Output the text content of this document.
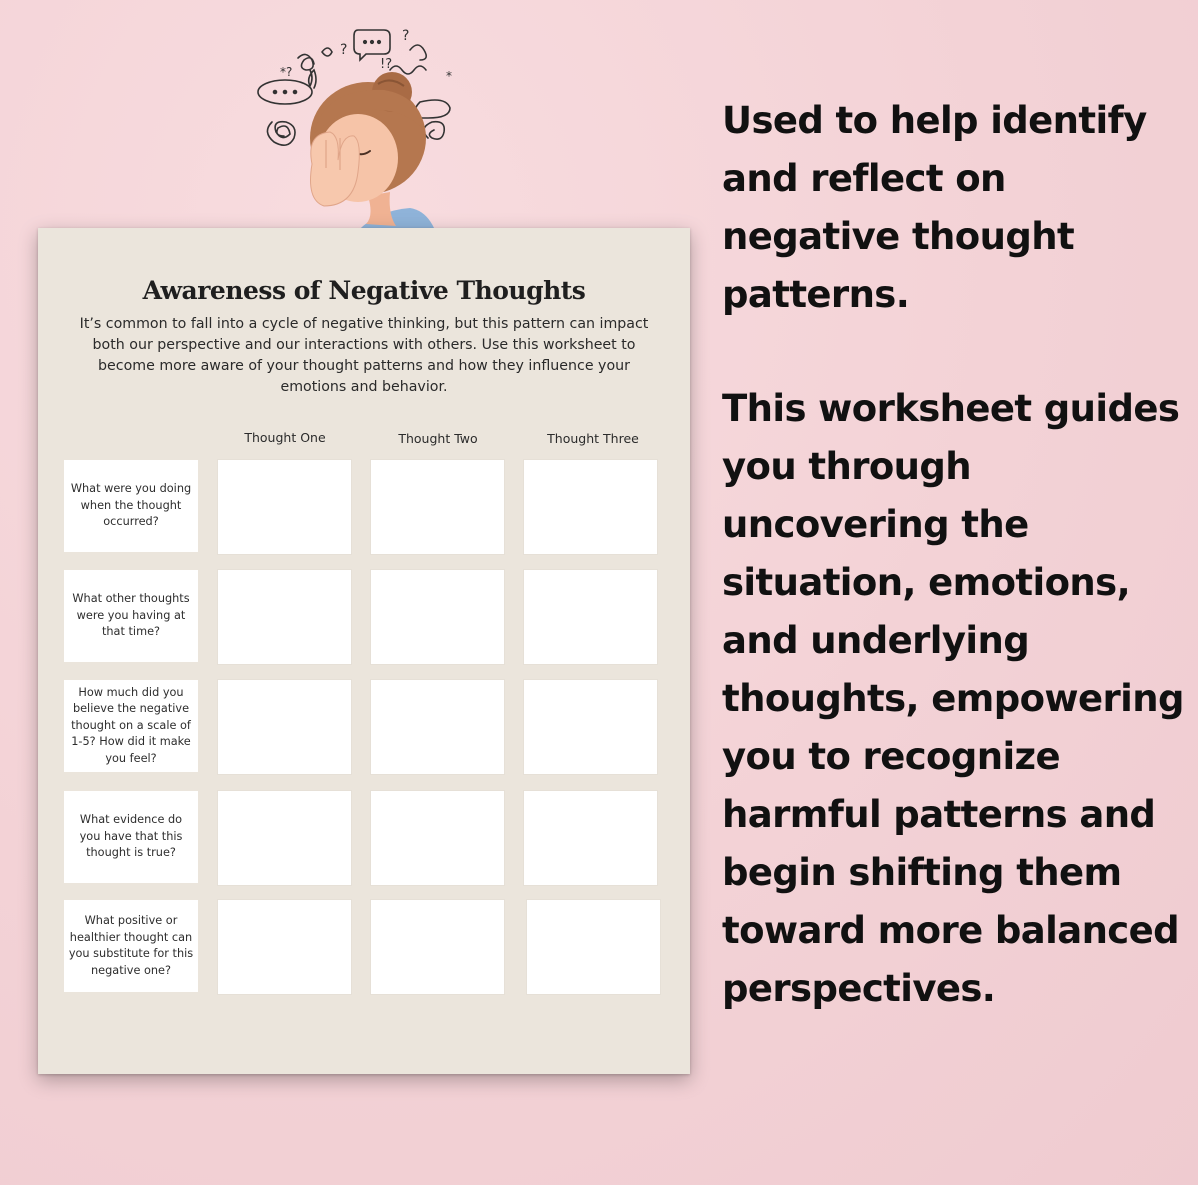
?
?
!?
*?	*
Awareness of Negative Thoughts
It’s common to fall into a cycle of negative thinking, but this pattern can impact both our perspective and our interactions with others. Use this worksheet to become more aware of your thought patterns and how they influence your emotions and behavior.
Thought One	Thought Two	Thought Three
What were you doing when the thought occurred?
What other thoughts were you having at that time?
How much did you believe the negative thought on a scale of 1-5? How did it make you feel?
What evidence do you have that this thought is true?
What positive or healthier thought can you substitute for this negative one?
Used to help identify and reflect on negative thought patterns.
This worksheet guides you through uncovering the situation, emotions, and underlying thoughts, empowering you to recognize harmful patterns and begin shifting them toward more balanced perspectives.
